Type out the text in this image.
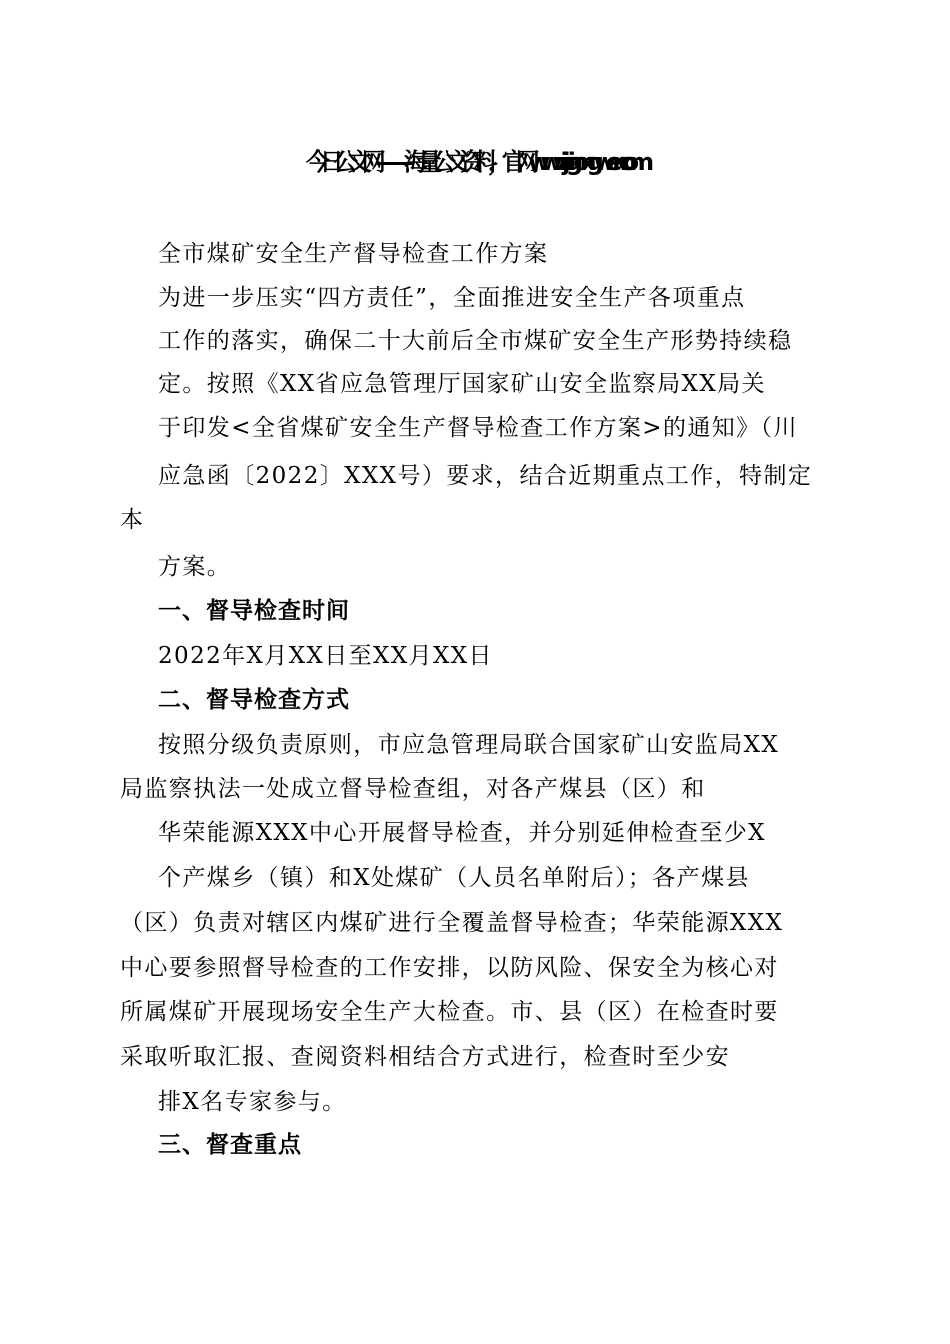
今日公文网——海量公文资料，官网 www.jinrigongwen.com
全市煤矿安全生产督导检查工作方案
为进一步压实“四方责任”，全面推进安全生产各项重点
工作的落实，确保二十大前后全市煤矿安全生产形势持续稳
定。按照《XX省应急管理厅国家矿山安全监察局XX局关
于印发<全省煤矿安全生产督导检查工作方案>的通知》（川
应急函〔2022〕XXX号）要求，结合近期重点工作，特制定
本
方案。
一、督导检查时间
2022年X月XX日至XX月XX日
二、督导检查方式
按照分级负责原则，市应急管理局联合国家矿山安监局XX
局监察执法一处成立督导检查组，对各产煤县（区）和
华荣能源XXX中心开展督导检查，并分别延伸检查至少X
个产煤乡（镇）和X处煤矿（人员名单附后）；各产煤县
（区）负责对辖区内煤矿进行全覆盖督导检查；华荣能源XXX
中心要参照督导检查的工作安排，以防风险、保安全为核心对
所属煤矿开展现场安全生产大检查。市、县（区）在检查时要
采取听取汇报、查阅资料相结合方式进行，检查时至少安
排X名专家参与。
三、督查重点
